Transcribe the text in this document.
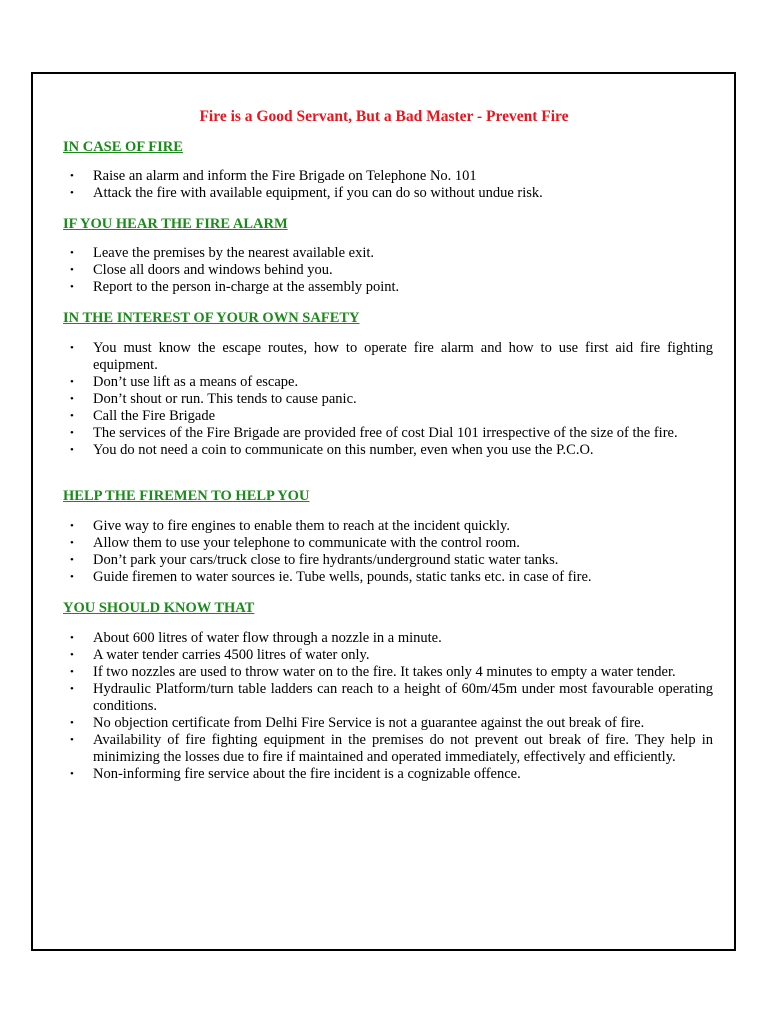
Fire is a Good Servant, But a Bad Master - Prevent Fire
IN CASE OF FIRE
• Raise an alarm and inform the Fire Brigade on Telephone No. 101
• Attack the fire with available equipment, if you can do so without undue risk.
IF YOU HEAR THE FIRE ALARM
• Leave the premises by the nearest available exit.
• Close all doors and windows behind you.
• Report to the person in-charge at the assembly point.
IN THE INTEREST OF YOUR OWN SAFETY
• You must know the escape routes, how to operate fire alarm and how to use first aid fire fighting equipment.
• Don’t use lift as a means of escape.
• Don’t shout or run. This tends to cause panic.
• Call the Fire Brigade
• The services of the Fire Brigade are provided free of cost Dial 101 irrespective of the size of the fire.
• You do not need a coin to communicate on this number, even when you use the P.C.O.
HELP THE FIREMEN TO HELP YOU
• Give way to fire engines to enable them to reach at the incident quickly.
• Allow them to use your telephone to communicate with the control room.
• Don’t park your cars/truck close to fire hydrants/underground static water tanks.
• Guide firemen to water sources ie. Tube wells, pounds, static tanks etc. in case of fire.
YOU SHOULD KNOW THAT
• About 600 litres of water flow through a nozzle in a minute.
• A water tender carries 4500 litres of water only.
• If two nozzles are used to throw water on to the fire. It takes only 4 minutes to empty a water tender.
• Hydraulic Platform/turn table ladders can reach to a height of 60m/45m under most favourable operating conditions.
• No objection certificate from Delhi Fire Service is not a guarantee against the out break of fire.
• Availability of fire fighting equipment in the premises do not prevent out break of fire. They help in minimizing the losses due to fire if maintained and operated immediately, effectively and efficiently.
• Non-informing fire service about the fire incident is a cognizable offence.
